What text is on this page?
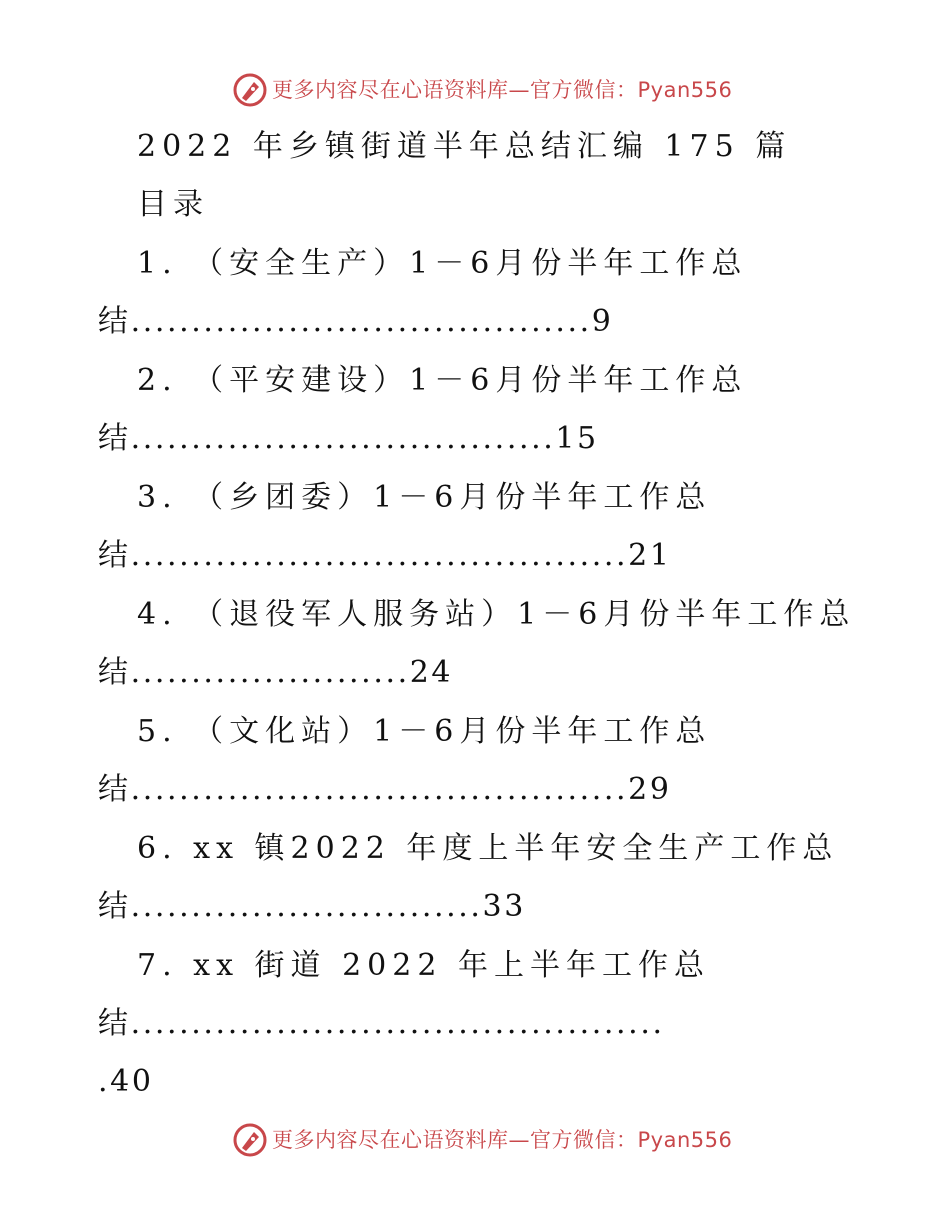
更多内容尽在心语资料库—官方微信：Pyan556
2022 年乡镇街道半年总结汇编 175 篇
目录
1. （安全生产）1－6月份半年工作总
结......................................9
2. （平安建设）1－6月份半年工作总
结...................................15
3. （乡团委）1－6月份半年工作总
结.........................................21
4. （退役军人服务站）1－6月份半年工作总
结.......................24
5. （文化站）1－6月份半年工作总
结.........................................29
6. xx 镇2022 年度上半年安全生产工作总
结.............................33
7. xx 街道 2022 年上半年工作总
结............................................
.40
更多内容尽在心语资料库—官方微信：Pyan556
